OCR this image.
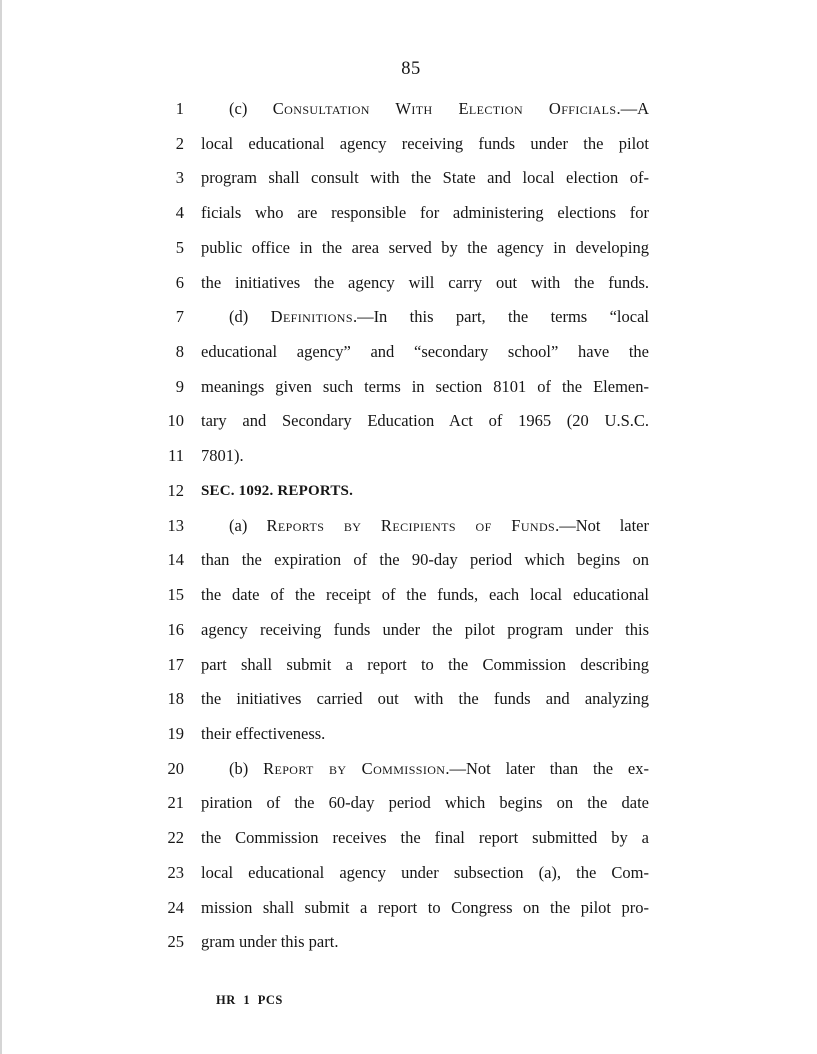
85
1	(c) Consultation With Election Officials.—A
2 local educational agency receiving funds under the pilot
3 program shall consult with the State and local election of-
4 ficials who are responsible for administering elections for
5 public office in the area served by the agency in developing
6 the initiatives the agency will carry out with the funds.
7	(d) Definitions.—In this part, the terms “local
8 educational agency” and “secondary school” have the
9 meanings given such terms in section 8101 of the Elemen-
10 tary and Secondary Education Act of 1965 (20 U.S.C.
11 7801).
12 SEC. 1092. REPORTS.
13	(a) Reports by Recipients of Funds.—Not later
14 than the expiration of the 90-day period which begins on
15 the date of the receipt of the funds, each local educational
16 agency receiving funds under the pilot program under this
17 part shall submit a report to the Commission describing
18 the initiatives carried out with the funds and analyzing
19 their effectiveness.
20	(b) Report by Commission.—Not later than the ex-
21 piration of the 60-day period which begins on the date
22 the Commission receives the final report submitted by a
23 local educational agency under subsection (a), the Com-
24 mission shall submit a report to Congress on the pilot pro-
25 gram under this part.
HR 1 PCS
